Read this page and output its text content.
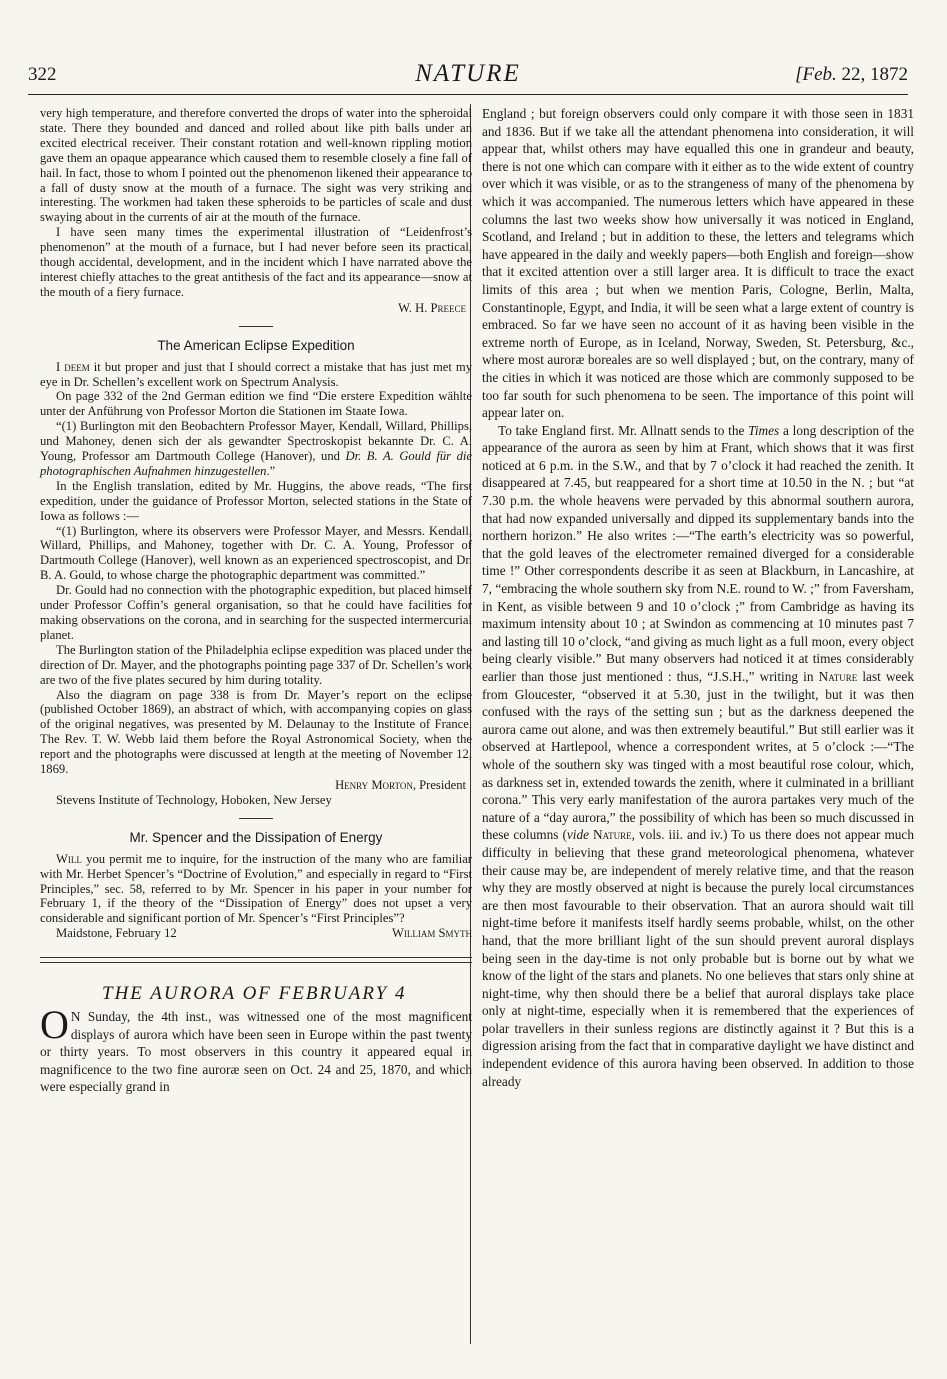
322	NATURE	[Feb. 22, 1872

very high temperature, and therefore converted the drops of water into the spheroidal state. There they bounded and danced and rolled about like pith balls under an excited electrical receiver. Their constant rotation and well-known rippling motion gave them an opaque appearance which caused them to resemble closely a fine fall of hail. In fact, those to whom I pointed out the phenomenon likened their appearance to a fall of dusty snow at the mouth of a furnace. The sight was very striking and interesting. The workmen had taken these spheroids to be particles of scale and dust swaying about in the currents of air at the mouth of the furnace.

I have seen many times the experimental illustration of “Leidenfrost’s phenomenon” at the mouth of a furnace, but I had never before seen its practical, though accidental, development, and in the incident which I have narrated above the interest chiefly attaches to the great antithesis of the fact and its appearance—snow at the mouth of a fiery furnace.

W. H. Preece
The American Eclipse Expedition

I deem it but proper and just that I should correct a mistake that has just met my eye in Dr. Schellen’s excellent work on Spectrum Analysis.

On page 332 of the 2nd German edition we find “Die erstere Expedition wählte unter der Anführung von Professor Morton die Stationen im Staate Iowa.

“(1) Burlington mit den Beobachtern Professor Mayer, Kendall, Willard, Phillips, und Mahoney, denen sich der als gewandter Spectroskopist bekannte Dr. C. A. Young, Professor am Dartmouth College (Hanover), und Dr. B. A. Gould für die photographischen Aufnahmen hinzugestellen.”

In the English translation, edited by Mr. Huggins, the above reads, “The first expedition, under the guidance of Professor Morton, selected stations in the State of Iowa as follows :—

“(1) Burlington, where its observers were Professor Mayer, and Messrs. Kendall, Willard, Phillips, and Mahoney, together with Dr. C. A. Young, Professor of Dartmouth College (Hanover), well known as an experienced spectroscopist, and Dr. B. A. Gould, to whose charge the photographic department was committed.”

Dr. Gould had no connection with the photographic expedition, but placed himself under Professor Coffin’s general organisation, so that he could have facilities for making observations on the corona, and in searching for the suspected intermercurial planet.

The Burlington station of the Philadelphia eclipse expedition was placed under the direction of Dr. Mayer, and the photographs pointing page 337 of Dr. Schellen’s work are two of the five plates secured by him during totality.

Also the diagram on page 338 is from Dr. Mayer’s report on the eclipse (published October 1869), an abstract of which, with accompanying copies on glass of the original negatives, was presented by M. Delaunay to the Institute of France. The Rev. T. W. Webb laid them before the Royal Astronomical Society, when the report and the photographs were discussed at length at the meeting of November 12, 1869.

Henry Morton, President

Stevens Institute of Technology, Hoboken, New Jersey

Mr. Spencer and the Dissipation of Energy

Will you permit me to inquire, for the instruction of the many who are familiar with Mr. Herbet Spencer’s “Doctrine of Evolution,” and especially in regard to “First Principles,” sec. 58, referred to by Mr. Spencer in his paper in your number for February 1, if the theory of the “Dissipation of Energy” does not upset a very considerable and significant portion of Mr. Spencer’s “First Principles”?
William Smyth

Maidstone, February 12

THE AURORA OF FEBRUARY 4

O N Sunday, the 4th inst., was witnessed one of the most magnificent displays of aurora which have been seen in Europe within the past twenty or thirty years. To most observers in this country it appeared equal in magnificence to the two fine auroræ seen on Oct. 24 and 25, 1870, and which were especially grand in

England ; but foreign observers could only compare it with those seen in 1831 and 1836. But if we take all the attendant phenomena into consideration, it will appear that, whilst others may have equalled this one in grandeur and beauty, there is not one which can compare with it either as to the wide extent of country over which it was visible, or as to the strangeness of many of the phenomena by which it was accompanied. The numerous letters which have appeared in these columns the last two weeks show how universally it was noticed in England, Scotland, and Ireland ; but in addition to these, the letters and telegrams which have appeared in the daily and weekly papers—both English and foreign—show that it excited attention over a still larger area. It is difficult to trace the exact limits of this area ; but when we mention Paris, Cologne, Berlin, Malta, Constantinople, Egypt, and India, it will be seen what a large extent of country is embraced. So far we have seen no account of it as having been visible in the extreme north of Europe, as in Iceland, Norway, Sweden, St. Petersburg, &c., where most auroræ boreales are so well displayed ; but, on the contrary, many of the cities in which it was noticed are those which are commonly supposed to be too far south for such phenomena to be seen. The importance of this point will appear later on.

To take England first. Mr. Allnatt sends to the Times a long description of the appearance of the aurora as seen by him at Frant, which shows that it was first noticed at 6 p.m. in the S.W., and that by 7 o’clock it had reached the zenith. It disappeared at 7.45, but reappeared for a short time at 10.50 in the N. ; but “at 7.30 p.m. the whole heavens were pervaded by this abnormal southern aurora, that had now expanded universally and dipped its supplementary bands into the northern horizon.” He also writes :—“The earth’s electricity was so powerful, that the gold leaves of the electrometer remained diverged for a considerable time !” Other correspondents describe it as seen at Blackburn, in Lancashire, at 7, “embracing the whole southern sky from N.E. round to W. ;” from Faversham, in Kent, as visible between 9 and 10 o’clock ;” from Cambridge as having its maximum intensity about 10 ; at Swindon as commencing at 10 minutes past 7 and lasting till 10 o’clock, “and giving as much light as a full moon, every object being clearly visible.” But many observers had noticed it at times considerably earlier than those just mentioned : thus, “J.S.H.,” writing in Nature last week from Gloucester, “observed it at 5.30, just in the twilight, but it was then confused with the rays of the setting sun ; but as the darkness deepened the aurora came out alone, and was then extremely beautiful.” But still earlier was it observed at Hartlepool, whence a correspondent writes, at 5 o’clock :—“The whole of the southern sky was tinged with a most beautiful rose colour, which, as darkness set in, extended towards the zenith, where it culminated in a brilliant corona.” This very early manifestation of the aurora partakes very much of the nature of a “day aurora,” the possibility of which has been so much discussed in these columns (vide Nature, vols. iii. and iv.) To us there does not appear much difficulty in believing that these grand meteorological phenomena, whatever their cause may be, are independent of merely relative time, and that the reason why they are mostly observed at night is because the purely local circumstances are then most favourable to their observation. That an aurora should wait till night-time before it manifests itself hardly seems probable, whilst, on the other hand, that the more brilliant light of the sun should prevent auroral displays being seen in the day-time is not only probable but is borne out by what we know of the light of the stars and planets. No one believes that stars only shine at night-time, why then should there be a belief that auroral displays take place only at night-time, especially when it is remembered that the experiences of polar travellers in their sunless regions are distinctly against it ? But this is a digression arising from the fact that in comparative daylight we have distinct and independent evidence of this aurora having been observed. In addition to those already
